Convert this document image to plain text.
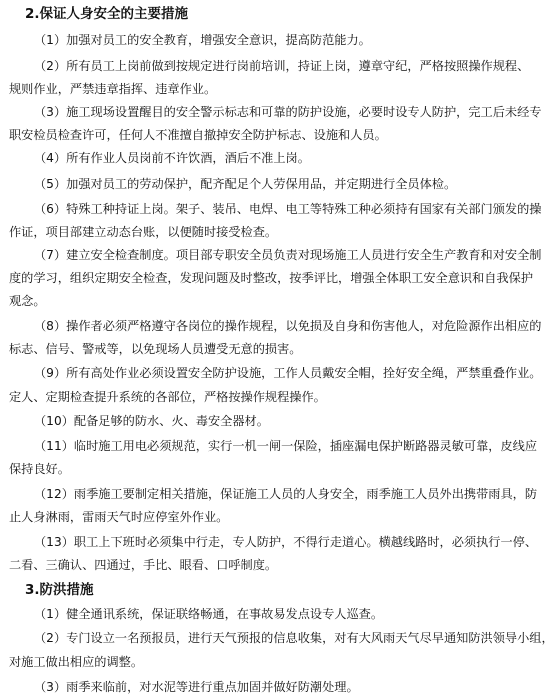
2.保证人身安全的主要措施
（1）加强对员工的安全教育，增强安全意识，提高防范能力。
（2）所有员工上岗前做到按规定进行岗前培训，持证上岗，遵章守纪，严格按照操作规程、
规则作业，严禁违章指挥、违章作业。
（3）施工现场设置醒目的安全警示标志和可靠的防护设施，必要时设专人防护，完工后未经专
职安检员检查许可，任何人不准擅自撤掉安全防护标志、设施和人员。
（4）所有作业人员岗前不许饮酒，酒后不准上岗。
（5）加强对员工的劳动保护，配齐配足个人劳保用品，并定期进行全员体检。
（6）特殊工种持证上岗。架子、装吊、电焊、电工等特殊工种必须持有国家有关部门颁发的操
作证，项目部建立动态台账，以便随时接受检查。
（7）建立安全检查制度。项目部专职安全员负责对现场施工人员进行安全生产教育和对安全制
度的学习，组织定期安全检查，发现问题及时整改，按季评比，增强全体职工安全意识和自我保护
观念。
（8）操作者必须严格遵守各岗位的操作规程，以免损及自身和伤害他人，对危险源作出相应的
标志、信号、警戒等，以免现场人员遭受无意的损害。
（9）所有高处作业必须设置安全防护设施，工作人员戴安全帽，拴好安全绳，严禁重叠作业。
定人、定期检查提升系统的各部位，严格按操作规程操作。
（10）配备足够的防水、火、毒安全器材。
（11）临时施工用电必须规范，实行一机一闸一保险，插座漏电保护断路器灵敏可靠，皮线应
保持良好。
（12）雨季施工要制定相关措施，保证施工人员的人身安全，雨季施工人员外出携带雨具，防
止人身淋雨，雷雨天气时应停室外作业。
（13）职工上下班时必须集中行走，专人防护，不得行走道心。横越线路时，必须执行一停、
二看、三确认、四通过，手比、眼看、口呼制度。
3.防洪措施
（1）健全通讯系统，保证联络畅通，在事故易发点设专人巡查。
（2）专门设立一名预报员，进行天气预报的信息收集，对有大风雨天气尽早通知防洪领导小组，
对施工做出相应的调整。
（3）雨季来临前，对水泥等进行重点加固并做好防潮处理。
